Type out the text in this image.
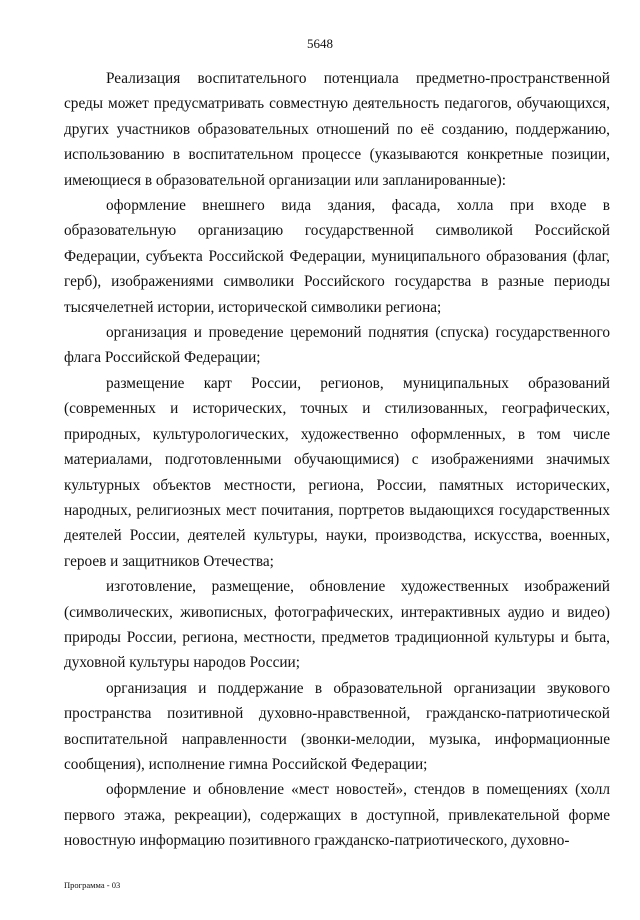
5648

Реализация воспитательного потенциала предметно-пространственной среды может предусматривать совместную деятельность педагогов, обучающихся, других участников образовательных отношений по её созданию, поддержанию, использованию в воспитательном процессе (указываются конкретные позиции, имеющиеся в образовательной организации или запланированные):

оформление внешнего вида здания, фасада, холла при входе в образовательную организацию государственной символикой Российской Федерации, субъекта Российской Федерации, муниципального образования (флаг, герб), изображениями символики Российского государства в разные периоды тысячелетней истории, исторической символики региона;

организация и проведение церемоний поднятия (спуска) государственного флага Российской Федерации;

размещение карт России, регионов, муниципальных образований (современных и исторических, точных и стилизованных, географических, природных, культурологических, художественно оформленных, в том числе материалами, подготовленными обучающимися) с изображениями значимых культурных объектов местности, региона, России, памятных исторических, народных, религиозных мест почитания, портретов выдающихся государственных деятелей России, деятелей культуры, науки, производства, искусства, военных, героев и защитников Отечества;

изготовление, размещение, обновление художественных изображений (символических, живописных, фотографических, интерактивных аудио и видео) природы России, региона, местности, предметов традиционной культуры и быта, духовной культуры народов России;

организация и поддержание в образовательной организации звукового пространства позитивной духовно-нравственной, гражданско-патриотической воспитательной направленности (звонки-мелодии, музыка, информационные сообщения), исполнение гимна Российской Федерации;

оформление и обновление «мест новостей», стендов в помещениях (холл первого этажа, рекреации), содержащих в доступной, привлекательной форме новостную информацию позитивного гражданско-патриотического, духовно-

Программа - 03
